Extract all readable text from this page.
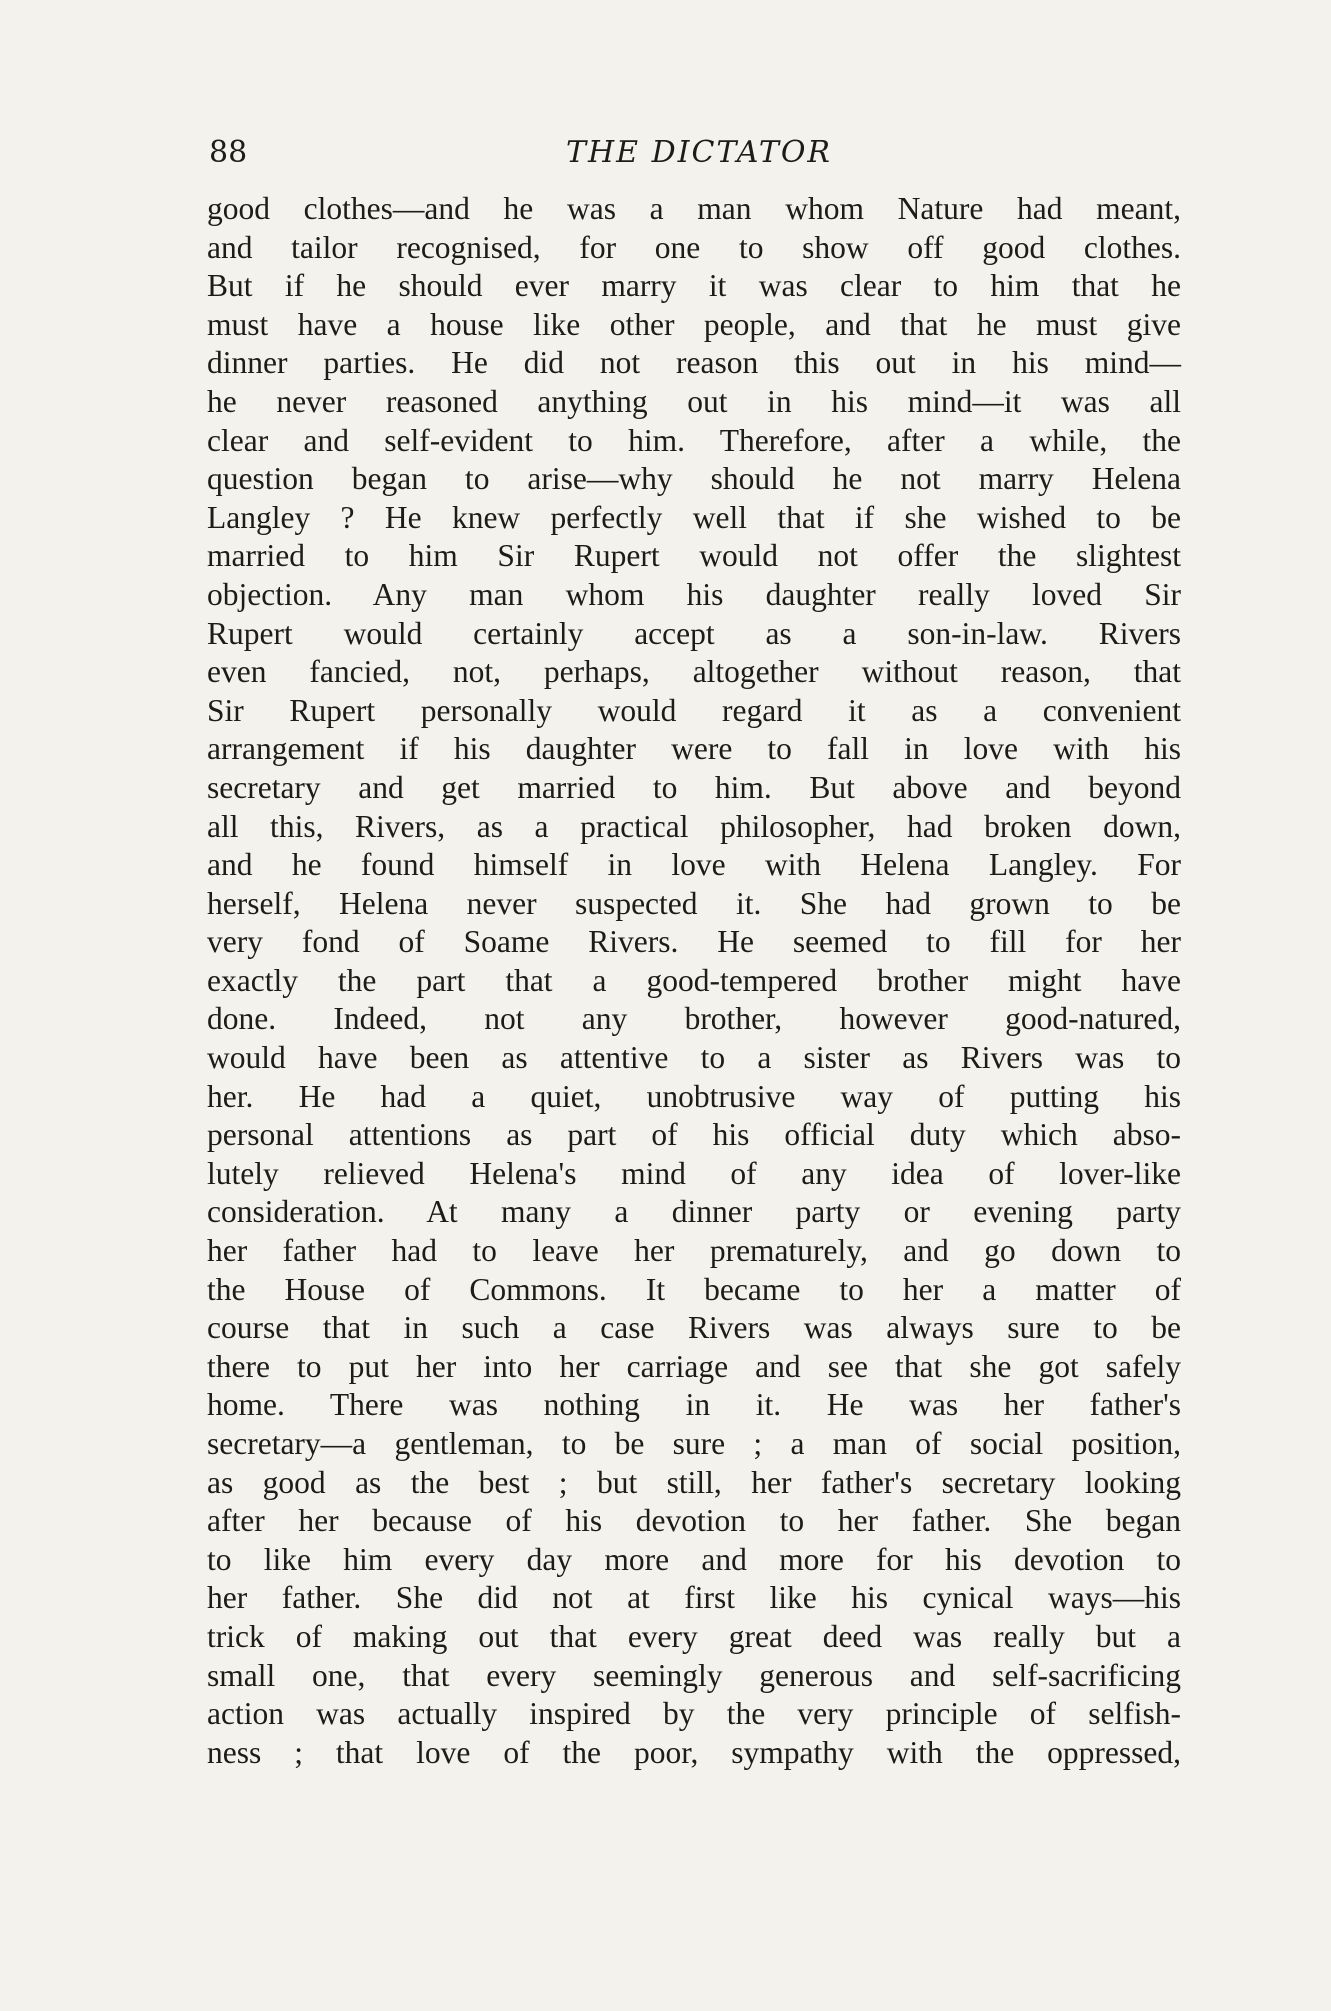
88	THE DICTATOR
good clothes—and he was a man whom Nature had meant,
and tailor recognised, for one to show off good clothes.
But if he should ever marry it was clear to him that he
must have a house like other people, and that he must give
dinner parties. He did not reason this out in his mind—
he never reasoned anything out in his mind—it was all
clear and self-evident to him. Therefore, after a while, the
question began to arise—why should he not marry Helena
Langley ? He knew perfectly well that if she wished to be
married to him Sir Rupert would not offer the slightest
objection. Any man whom his daughter really loved Sir
Rupert would certainly accept as a son-in-law. Rivers
even fancied, not, perhaps, altogether without reason, that
Sir Rupert personally would regard it as a convenient
arrangement if his daughter were to fall in love with his
secretary and get married to him. But above and beyond
all this, Rivers, as a practical philosopher, had broken down,
and he found himself in love with Helena Langley. For
herself, Helena never suspected it. She had grown to be
very fond of Soame Rivers. He seemed to fill for her
exactly the part that a good-tempered brother might have
done. Indeed, not any brother, however good-natured,
would have been as attentive to a sister as Rivers was to
her. He had a quiet, unobtrusive way of putting his
personal attentions as part of his official duty which abso-
lutely relieved Helena's mind of any idea of lover-like
consideration. At many a dinner party or evening party
her father had to leave her prematurely, and go down to
the House of Commons. It became to her a matter of
course that in such a case Rivers was always sure to be
there to put her into her carriage and see that she got safely
home. There was nothing in it. He was her father's
secretary—a gentleman, to be sure ; a man of social position,
as good as the best ; but still, her father's secretary looking
after her because of his devotion to her father. She began
to like him every day more and more for his devotion to
her father. She did not at first like his cynical ways—his
trick of making out that every great deed was really but a
small one, that every seemingly generous and self-sacrificing
action was actually inspired by the very principle of selfish-
ness ; that love of the poor, sympathy with the oppressed,
